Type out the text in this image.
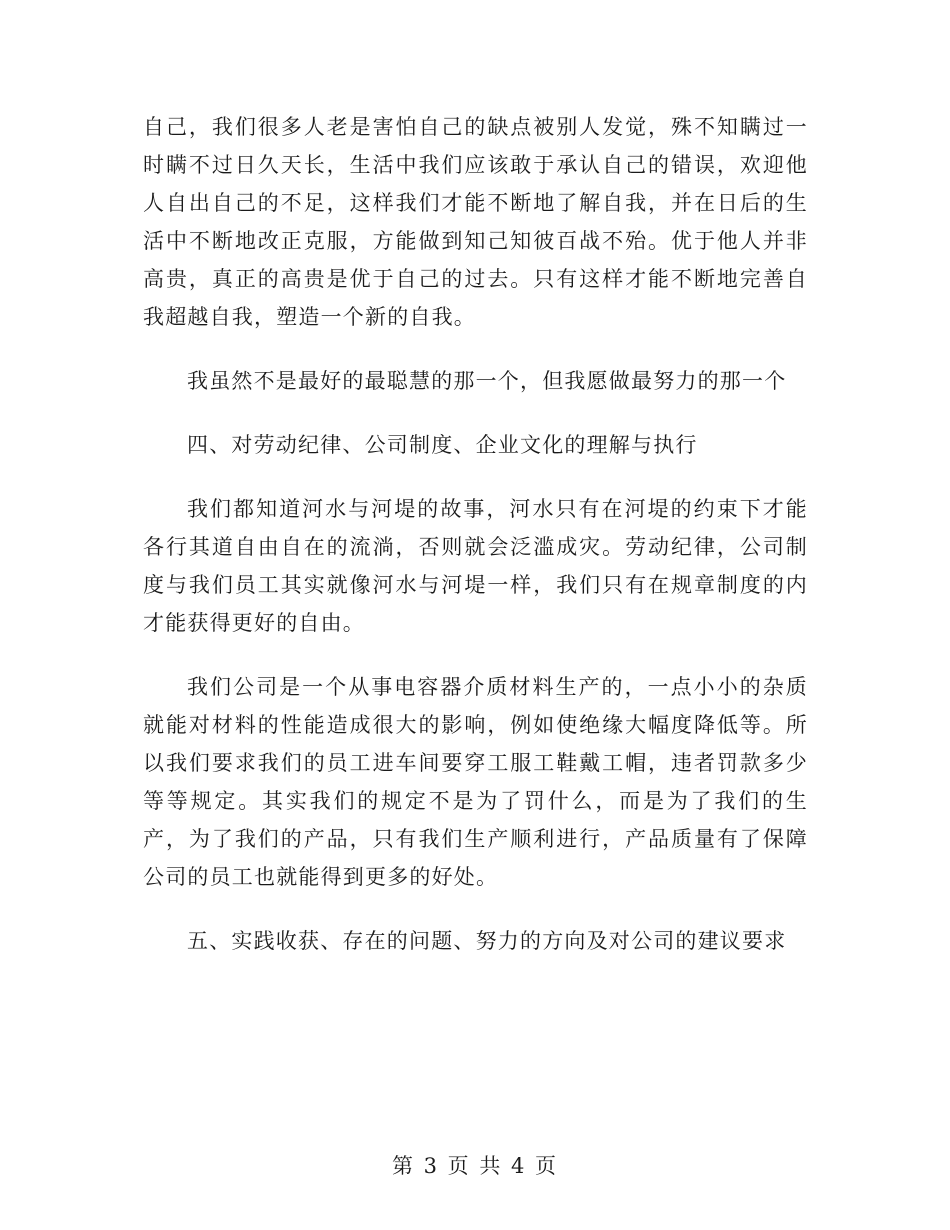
自己，我们很多人老是害怕自己的缺点被别人发觉，殊不知瞒过一时瞒不过日久天长，生活中我们应该敢于承认自己的错误，欢迎他人自出自己的不足，这样我们才能不断地了解自我，并在日后的生活中不断地改正克服，方能做到知己知彼百战不殆。优于他人并非高贵，真正的高贵是优于自己的过去。只有这样才能不断地完善自我超越自我，塑造一个新的自我。

我虽然不是最好的最聪慧的那一个，但我愿做最努力的那一个

四、对劳动纪律、公司制度、企业文化的理解与执行

我们都知道河水与河堤的故事，河水只有在河堤的约束下才能各行其道自由自在的流淌，否则就会泛滥成灾。劳动纪律，公司制度与我们员工其实就像河水与河堤一样，我们只有在规章制度的内才能获得更好的自由。

我们公司是一个从事电容器介质材料生产的，一点小小的杂质就能对材料的性能造成很大的影响，例如使绝缘大幅度降低等。所以我们要求我们的员工进车间要穿工服工鞋戴工帽，违者罚款多少等等规定。其实我们的规定不是为了罚什么，而是为了我们的生产，为了我们的产品，只有我们生产顺利进行，产品质量有了保障公司的员工也就能得到更多的好处。

五、实践收获、存在的问题、努力的方向及对公司的建议要求

第 3 页 共 4 页
